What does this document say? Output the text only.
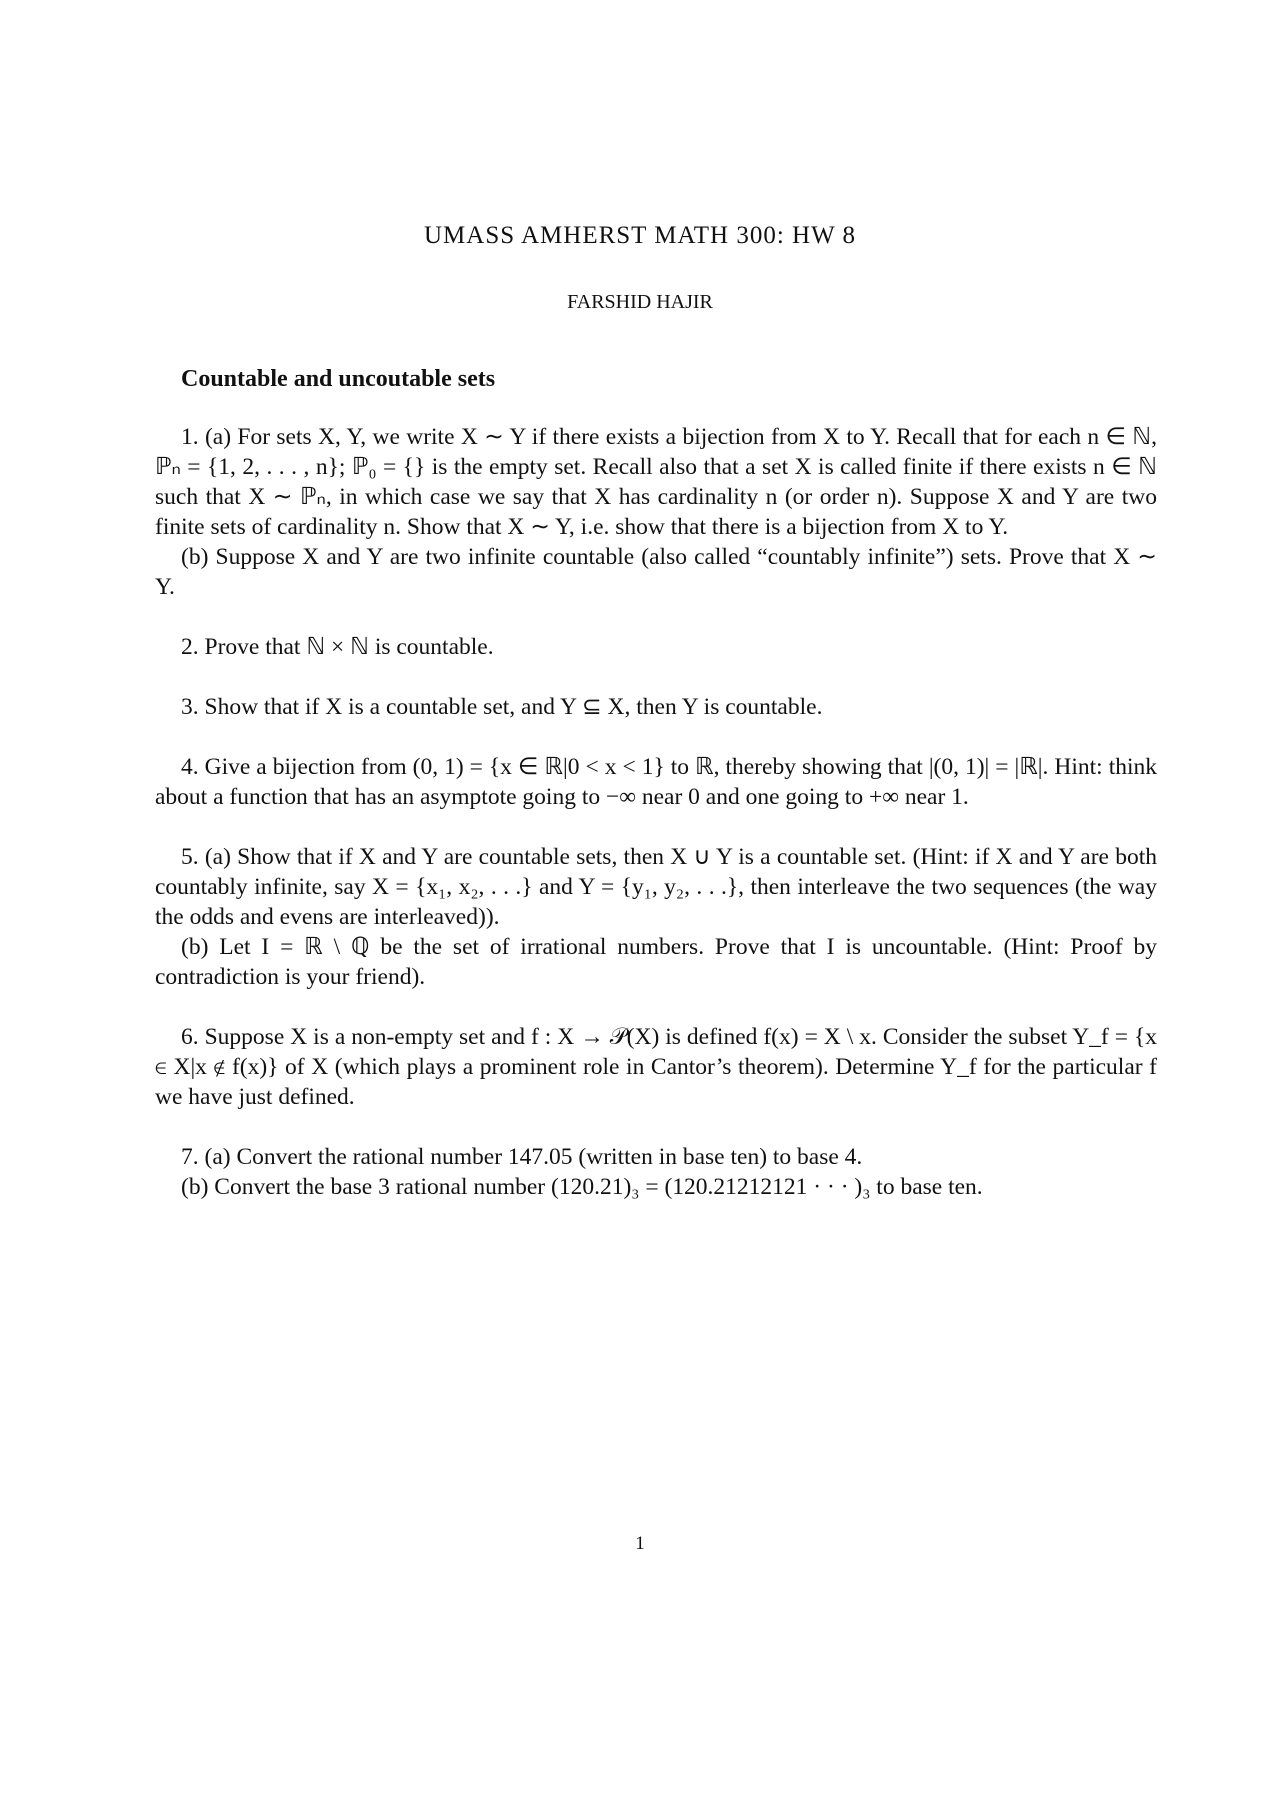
UMASS AMHERST MATH 300: HW 8
FARSHID HAJIR
Countable and uncoutable sets

1. (a) For sets X, Y, we write X ∼ Y if there exists a bijection from X to Y. Recall that for each n ∈ ℕ, ℙₙ = {1, 2, . . . , n}; ℙ₀ = {} is the empty set. Recall also that a set X is called finite if there exists n ∈ ℕ such that X ∼ ℙₙ, in which case we say that X has cardinality n (or order n). Suppose X and Y are two finite sets of cardinality n. Show that X ∼ Y, i.e. show that there is a bijection from X to Y.

(b) Suppose X and Y are two infinite countable (also called “countably infinite”) sets. Prove that X ∼ Y.

2. Prove that ℕ × ℕ is countable.

3. Show that if X is a countable set, and Y ⊆ X, then Y is countable.

4. Give a bijection from (0, 1) = {x ∈ ℝ|0 < x < 1} to ℝ, thereby showing that |(0, 1)| = |ℝ|. Hint: think about a function that has an asymptote going to −∞ near 0 and one going to +∞ near 1.

5. (a) Show that if X and Y are countable sets, then X ∪ Y is a countable set. (Hint: if X and Y are both countably infinite, say X = {x₁, x₂, . . .} and Y = {y₁, y₂, . . .}, then interleave the two sequences (the way the odds and evens are interleaved)).

(b) Let I = ℝ \ ℚ be the set of irrational numbers. Prove that I is uncountable. (Hint: Proof by contradiction is your friend).

6. Suppose X is a non-empty set and f : X → 𝒫(X) is defined f(x) = X \ x. Consider the subset Y_f = {x ∈ X|x ∉ f(x)} of X (which plays a prominent role in Cantor’s theorem). Determine Y_f for the particular f we have just defined.

7. (a) Convert the rational number 147.05 (written in base ten) to base 4.

(b) Convert the base 3 rational number (120.21)₃ = (120.21212121 · · · )₃ to base ten.

1
